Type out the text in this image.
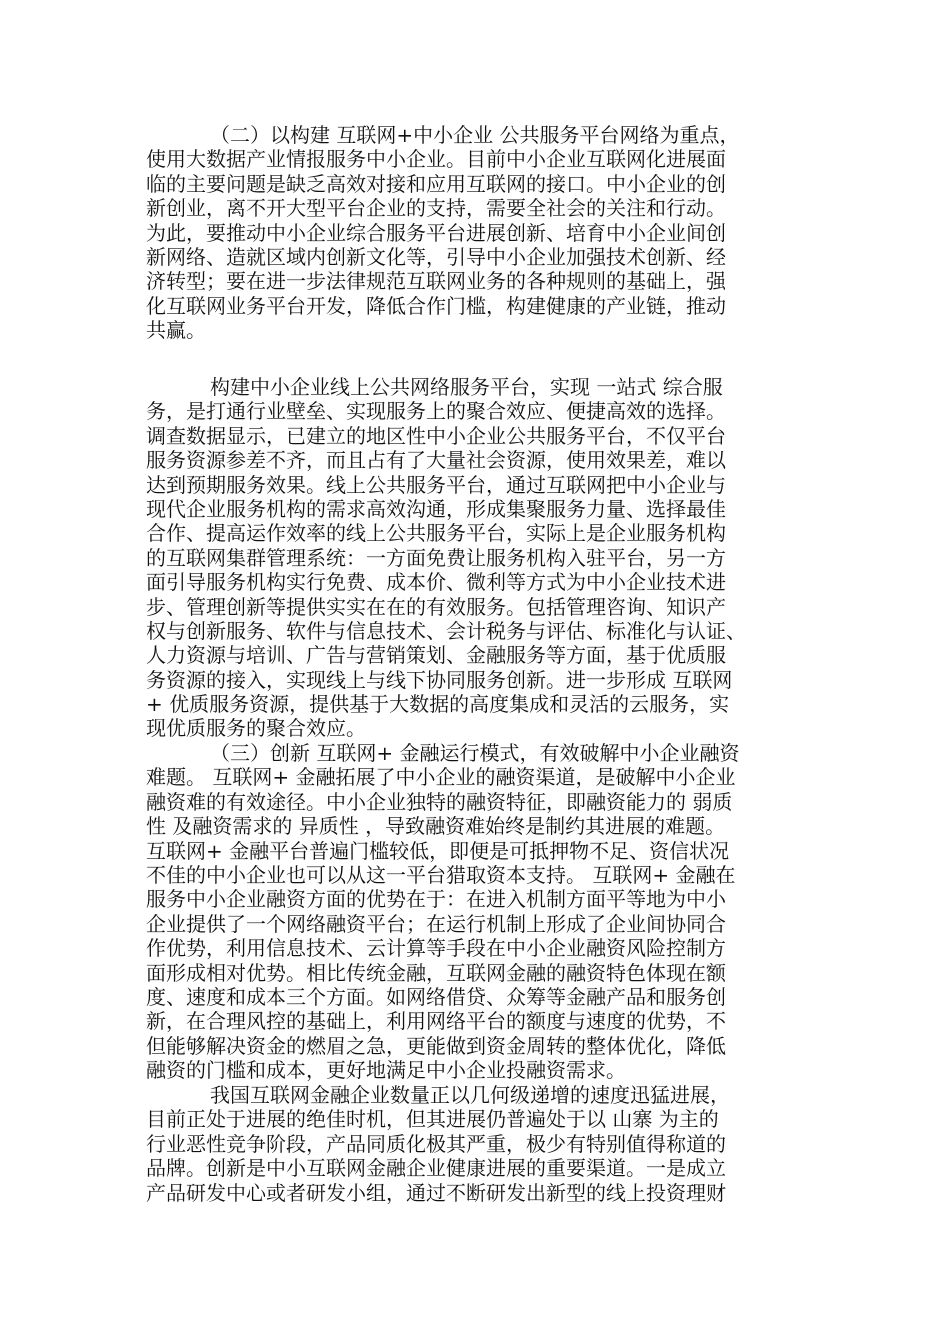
（二）以构建 互联网+中小企业 公共服务平台网络为重点，
使用大数据产业情报服务中小企业。目前中小企业互联网化进展面
临的主要问题是缺乏高效对接和应用互联网的接口。中小企业的创
新创业，离不开大型平台企业的支持，需要全社会的关注和行动。
为此，要推动中小企业综合服务平台进展创新、培育中小企业间创
新网络、造就区域内创新文化等，引导中小企业加强技术创新、经
济转型；要在进一步法律规范互联网业务的各种规则的基础上，强
化互联网业务平台开发，降低合作门槛，构建健康的产业链，推动
共赢。
构建中小企业线上公共网络服务平台，实现 一站式 综合服
务，是打通行业壁垒、实现服务上的聚合效应、便捷高效的选择。
调查数据显示，已建立的地区性中小企业公共服务平台，不仅平台
服务资源参差不齐，而且占有了大量社会资源，使用效果差，难以
达到预期服务效果。线上公共服务平台，通过互联网把中小企业与
现代企业服务机构的需求高效沟通，形成集聚服务力量、选择最佳
合作、提高运作效率的线上公共服务平台，实际上是企业服务机构
的互联网集群管理系统：一方面免费让服务机构入驻平台，另一方
面引导服务机构实行免费、成本价、微利等方式为中小企业技术进
步、管理创新等提供实实在在的有效服务。包括管理咨询、知识产
权与创新服务、软件与信息技术、会计税务与评估、标准化与认证、
人力资源与培训、广告与营销策划、金融服务等方面，基于优质服
务资源的接入，实现线上与线下协同服务创新。进一步形成 互联网
+ 优质服务资源，提供基于大数据的高度集成和灵活的云服务，实
现优质服务的聚合效应。
（三）创新 互联网+ 金融运行模式，有效破解中小企业融资
难题。 互联网+ 金融拓展了中小企业的融资渠道，是破解中小企业
融资难的有效途径。中小企业独特的融资特征，即融资能力的 弱质
性 及融资需求的 异质性 ，导致融资难始终是制约其进展的难题。
互联网+ 金融平台普遍门槛较低，即便是可抵押物不足、资信状况
不佳的中小企业也可以从这一平台猎取资本支持。 互联网+ 金融在
服务中小企业融资方面的优势在于：在进入机制方面平等地为中小
企业提供了一个网络融资平台；在运行机制上形成了企业间协同合
作优势，利用信息技术、云计算等手段在中小企业融资风险控制方
面形成相对优势。相比传统金融，互联网金融的融资特色体现在额
度、速度和成本三个方面。如网络借贷、众筹等金融产品和服务创
新，在合理风控的基础上，利用网络平台的额度与速度的优势，不
但能够解决资金的燃眉之急，更能做到资金周转的整体优化，降低
融资的门槛和成本，更好地满足中小企业投融资需求。
我国互联网金融企业数量正以几何级递增的速度迅猛进展，
目前正处于进展的绝佳时机，但其进展仍普遍处于以 山寨 为主的
行业恶性竞争阶段，产品同质化极其严重，极少有特别值得称道的
品牌。创新是中小互联网金融企业健康进展的重要渠道。一是成立
产品研发中心或者研发小组，通过不断研发出新型的线上投资理财
